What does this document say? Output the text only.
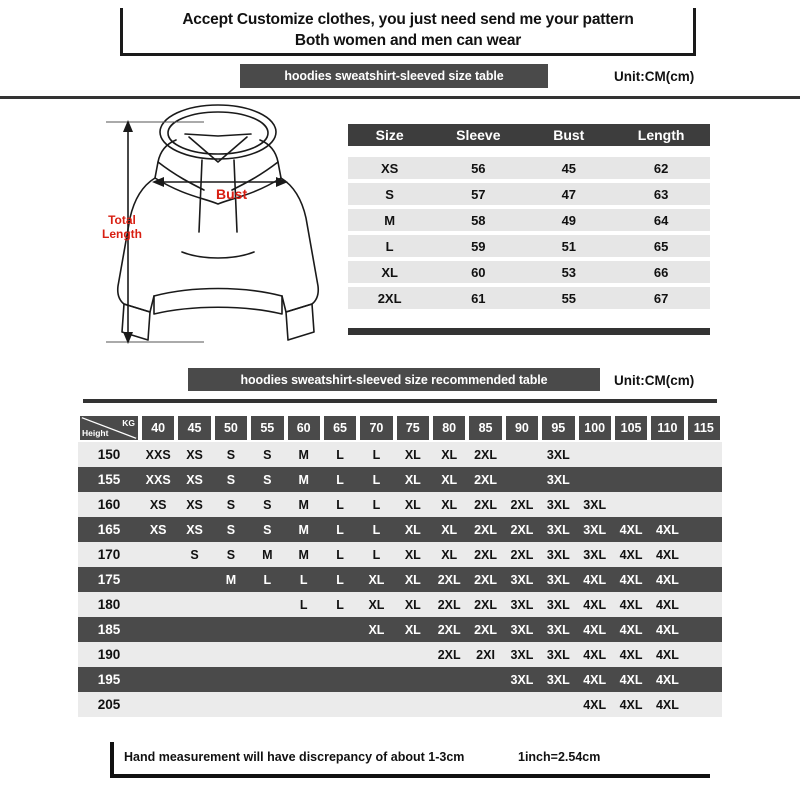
Accept Customize clothes, you just need send me your pattern
Both women and men can wear
hoodies sweatshirt-sleeved size table	Unit:CM(cm)
Bust
Total
Length
Size	Sleeve	Bust	Length
XS	56	45	62
S	57	47	63
M	58	49	64
L	59	51	65
XL	60	53	66
2XL	61	55	67
hoodies sweatshirt-sleeved size recommended table	Unit:CM(cm)
KG
Height	40	45	50	55	60	65	70	75	80	85	90	95	100	105	110	115
150	XXS	XS	S	S	M	L	L	XL	XL	2XL		3XL				
155	XXS	XS	S	S	M	L	L	XL	XL	2XL		3XL				
160	XS	XS	S	S	M	L	L	XL	XL	2XL	2XL	3XL	3XL			
165	XS	XS	S	S	M	L	L	XL	XL	2XL	2XL	3XL	3XL	4XL	4XL	
170		S	S	M	M	L	L	XL	XL	2XL	2XL	3XL	3XL	4XL	4XL	
175			M	L	L	L	XL	XL	2XL	2XL	3XL	3XL	4XL	4XL	4XL	
180					L	L	XL	XL	2XL	2XL	3XL	3XL	4XL	4XL	4XL	
185							XL	XL	2XL	2XL	3XL	3XL	4XL	4XL	4XL	
190									2XL	2XI	3XL	3XL	4XL	4XL	4XL	
195											3XL	3XL	4XL	4XL	4XL	
205													4XL	4XL	4XL	
Hand measurement will have discrepancy of about 1-3cm	1inch=2.54cm
